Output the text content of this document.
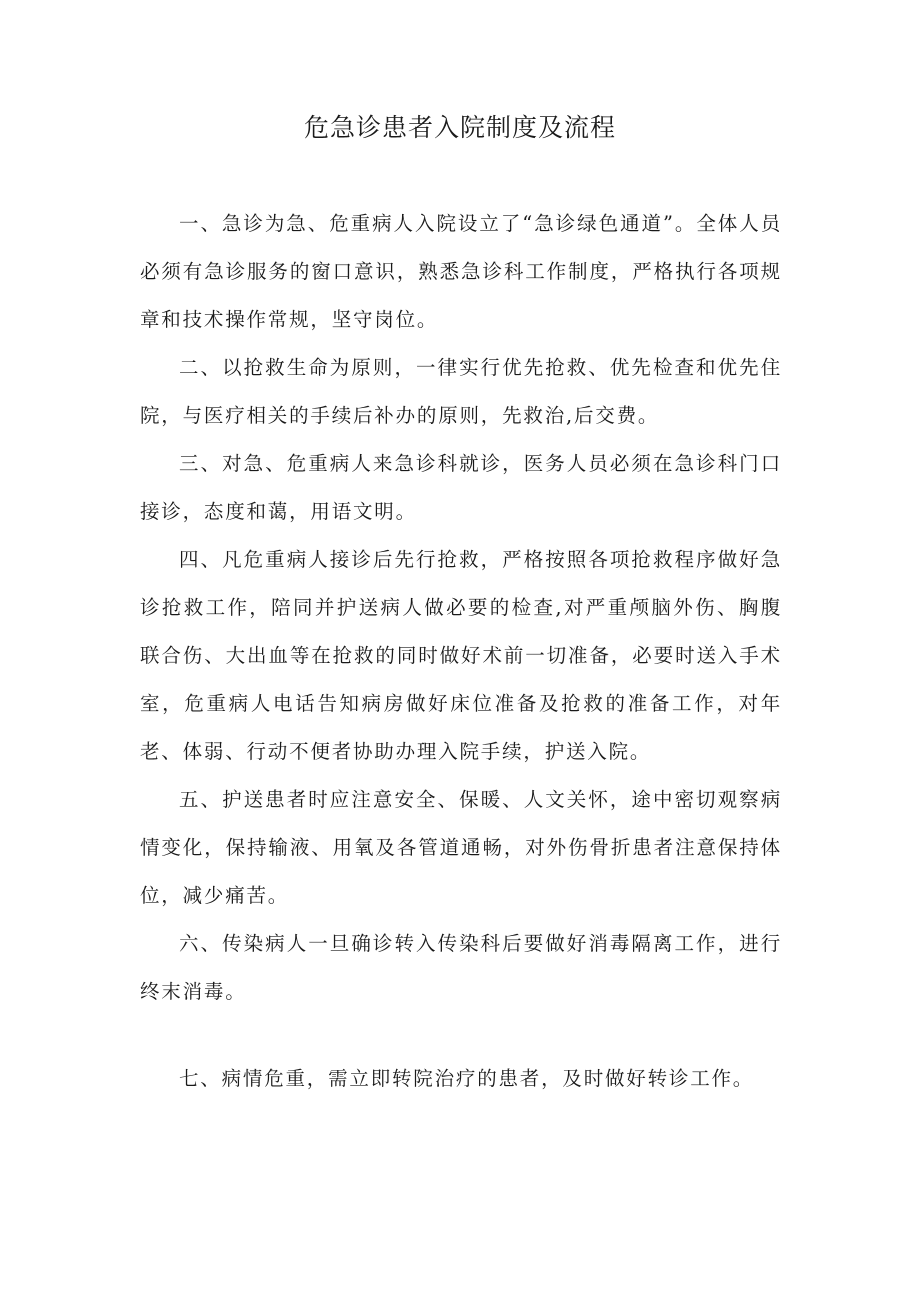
危急诊患者入院制度及流程

一、急诊为急、危重病人入院设立了“急诊绿色通道”。全体人员必须有急诊服务的窗口意识，熟悉急诊科工作制度，严格执行各项规章和技术操作常规，坚守岗位。

二、以抢救生命为原则，一律实行优先抢救、优先检查和优先住院，与医疗相关的手续后补办的原则，先救治,后交费。

三、对急、危重病人来急诊科就诊，医务人员必须在急诊科门口接诊，态度和蔼，用语文明。

四、凡危重病人接诊后先行抢救，严格按照各项抢救程序做好急诊抢救工作，陪同并护送病人做必要的检查,对严重颅脑外伤、胸腹联合伤、大出血等在抢救的同时做好术前一切准备，必要时送入手术室，危重病人电话告知病房做好床位准备及抢救的准备工作，对年老、体弱、行动不便者协助办理入院手续，护送入院。

五、护送患者时应注意安全、保暖、人文关怀，途中密切观察病情变化，保持输液、用氧及各管道通畅，对外伤骨折患者注意保持体位，减少痛苦。

六、传染病人一旦确诊转入传染科后要做好消毒隔离工作，进行终末消毒。

七、病情危重，需立即转院治疗的患者，及时做好转诊工作。
